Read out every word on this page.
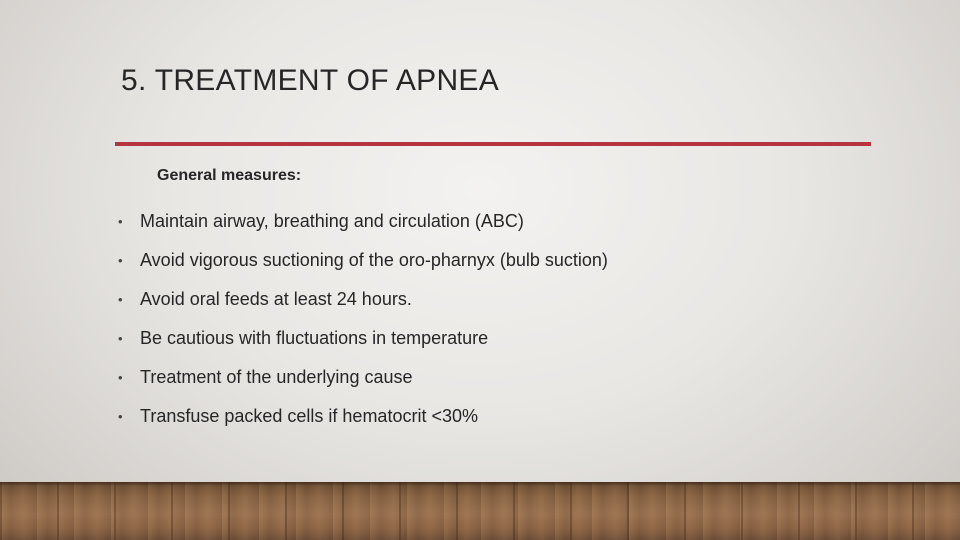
5. TREATMENT OF APNEA
General measures:
• Maintain airway, breathing and circulation (ABC)
• Avoid vigorous suctioning of the oro-pharnyx (bulb suction)
• Avoid oral feeds at least 24 hours.
• Be cautious with fluctuations in temperature
• Treatment of the underlying cause
• Transfuse packed cells if hematocrit <30%
